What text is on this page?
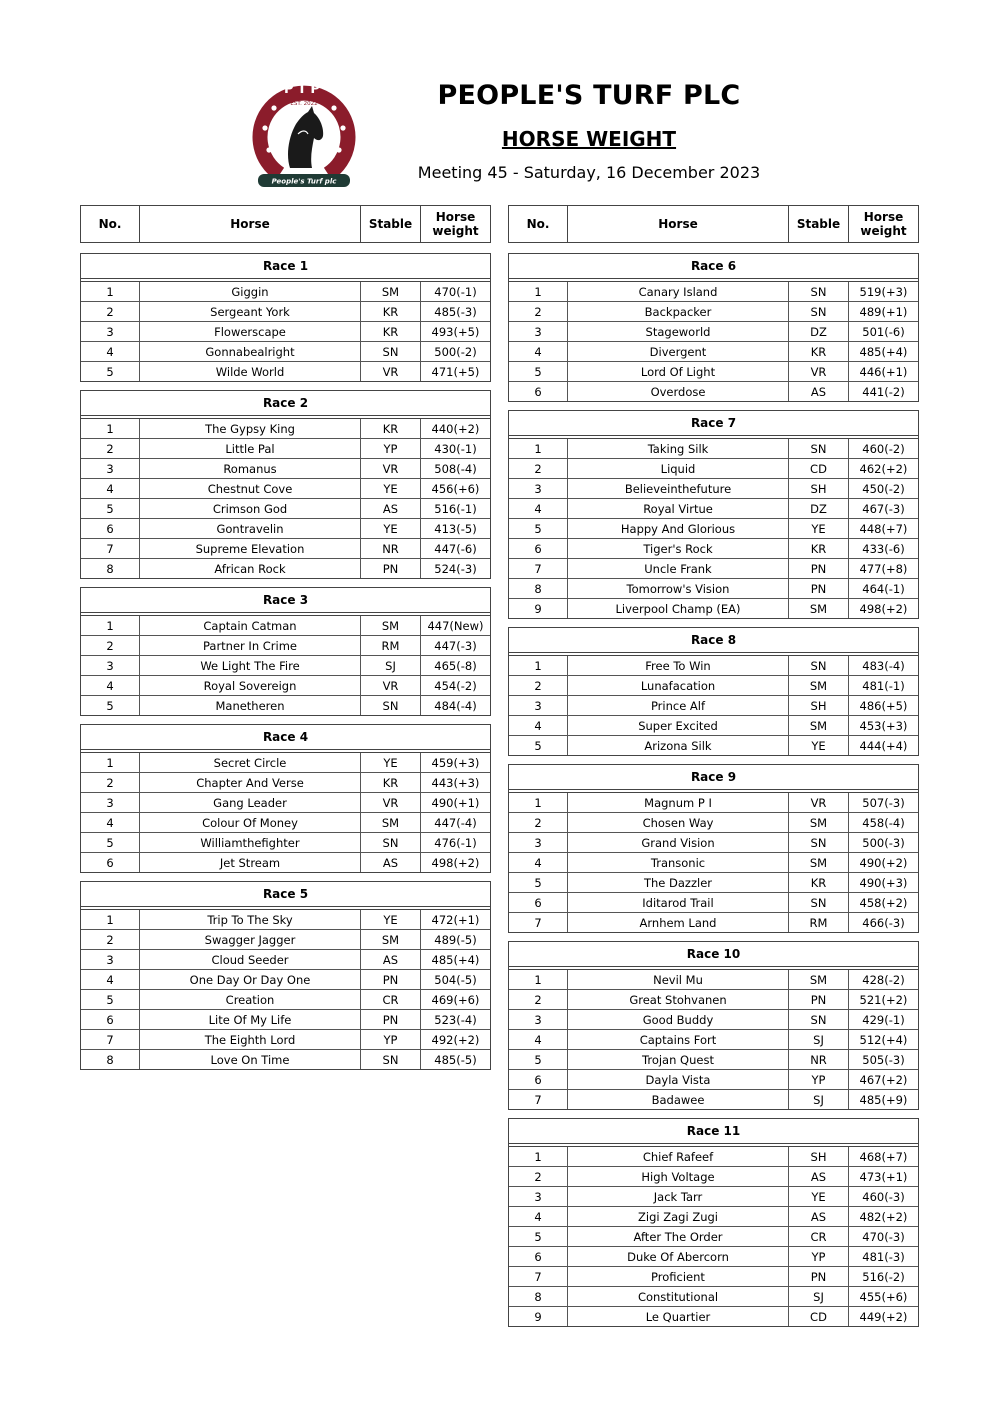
PTP
EST. 2022
People's Turf plc
PEOPLE'S TURF PLC
HORSE WEIGHT
Meeting 45 - Saturday, 16 December 2023
No.	Horse	Stable	Horse weight
Race 1
1	Giggin	SM	470(-1)
2	Sergeant York	KR	485(-3)
3	Flowerscape	KR	493(+5)
4	Gonnabealright	SN	500(-2)
5	Wilde World	VR	471(+5)
Race 2
1	The Gypsy King	KR	440(+2)
2	Little Pal	YP	430(-1)
3	Romanus	VR	508(-4)
4	Chestnut Cove	YE	456(+6)
5	Crimson God	AS	516(-1)
6	Gontravelin	YE	413(-5)
7	Supreme Elevation	NR	447(-6)
8	African Rock	PN	524(-3)
Race 3
1	Captain Catman	SM	447(New)
2	Partner In Crime	RM	447(-3)
3	We Light The Fire	SJ	465(-8)
4	Royal Sovereign	VR	454(-2)
5	Manetheren	SN	484(-4)
Race 4
1	Secret Circle	YE	459(+3)
2	Chapter And Verse	KR	443(+3)
3	Gang Leader	VR	490(+1)
4	Colour Of Money	SM	447(-4)
5	Williamthefighter	SN	476(-1)
6	Jet Stream	AS	498(+2)
Race 5
1	Trip To The Sky	YE	472(+1)
2	Swagger Jagger	SM	489(-5)
3	Cloud Seeder	AS	485(+4)
4	One Day Or Day One	PN	504(-5)
5	Creation	CR	469(+6)
6	Lite Of My Life	PN	523(-4)
7	The Eighth Lord	YP	492(+2)
8	Love On Time	SN	485(-5)
No.	Horse	Stable	Horse weight
Race 6
1	Canary Island	SN	519(+3)
2	Backpacker	SN	489(+1)
3	Stageworld	DZ	501(-6)
4	Divergent	KR	485(+4)
5	Lord Of Light	VR	446(+1)
6	Overdose	AS	441(-2)
Race 7
1	Taking Silk	SN	460(-2)
2	Liquid	CD	462(+2)
3	Believeinthefuture	SH	450(-2)
4	Royal Virtue	DZ	467(-3)
5	Happy And Glorious	YE	448(+7)
6	Tiger's Rock	KR	433(-6)
7	Uncle Frank	PN	477(+8)
8	Tomorrow's Vision	PN	464(-1)
9	Liverpool Champ (EA)	SM	498(+2)
Race 8
1	Free To Win	SN	483(-4)
2	Lunafacation	SM	481(-1)
3	Prince Alf	SH	486(+5)
4	Super Excited	SM	453(+3)
5	Arizona Silk	YE	444(+4)
Race 9
1	Magnum P I	VR	507(-3)
2	Chosen Way	SM	458(-4)
3	Grand Vision	SN	500(-3)
4	Transonic	SM	490(+2)
5	The Dazzler	KR	490(+3)
6	Iditarod Trail	SN	458(+2)
7	Arnhem Land	RM	466(-3)
Race 10
1	Nevil Mu	SM	428(-2)
2	Great Stohvanen	PN	521(+2)
3	Good Buddy	SN	429(-1)
4	Captains Fort	SJ	512(+4)
5	Trojan Quest	NR	505(-3)
6	Dayla Vista	YP	467(+2)
7	Badawee	SJ	485(+9)
Race 11
1	Chief Rafeef	SH	468(+7)
2	High Voltage	AS	473(+1)
3	Jack Tarr	YE	460(-3)
4	Zigi Zagi Zugi	AS	482(+2)
5	After The Order	CR	470(-3)
6	Duke Of Abercorn	YP	481(-3)
7	Proficient	PN	516(-2)
8	Constitutional	SJ	455(+6)
9	Le Quartier	CD	449(+2)
